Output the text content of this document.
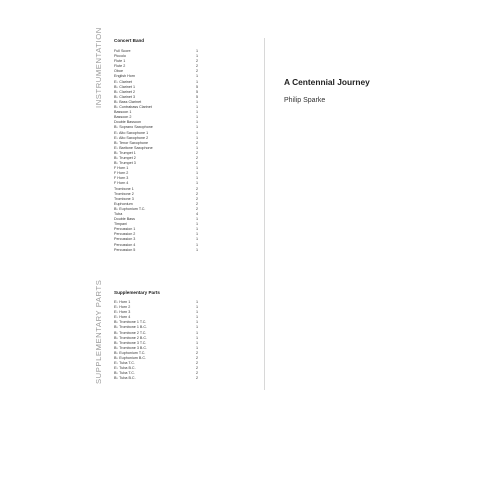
INSTRUMENTATION Concert Band
Full Score	1
Piccolo	1
Flute 1	2
Flute 2	2
Oboe	2
English Horn	1
E♭ Clarinet	1
B♭ Clarinet 1	5
B♭ Clarinet 2	5
B♭ Clarinet 3	5
B♭ Bass Clarinet	1
B♭ Contrabass Clarinet	1
Bassoon 1	1
Bassoon 2	1
Double Bassoon	1
B♭ Soprano Saxophone	1
E♭ Alto Saxophone 1	1
E♭ Alto Saxophone 2	1
B♭ Tenor Saxophone	2
E♭ Baritone Saxophone	1
B♭ Trumpet 1	2
B♭ Trumpet 2	2
B♭ Trumpet 3	2
F Horn 1	1
F Horn 2	1
F Horn 3	1
F Horn 4	1
Trombone 1	2
Trombone 2	2
Trombone 3	2
Euphonium	2
B♭ Euphonium T.C.	2
Tuba	4
Double Bass	1
Timpani	1
Percussion 1	1
Percussion 2	1
Percussion 3	1
Percussion 4	1
Percussion 5	1
SUPPLEMENTARY PARTS Supplementary Parts
E♭ Horn 1	1
E♭ Horn 2	1
E♭ Horn 3	1
E♭ Horn 4	1
B♭ Trombone 1 T.C.	1
B♭ Trombone 1 B.C.	1
B♭ Trombone 2 T.C.	1
B♭ Trombone 2 B.C.	1
B♭ Trombone 3 T.C.	1
B♭ Trombone 3 B.C.	1
B♭ Euphonium T.C.	2
B♭ Euphonium B.C.	2
E♭ Tuba T.C.	2
E♭ Tuba B.C.	2
B♭ Tuba T.C.	2
B♭ Tuba B.C.	2
A Centennial Journey
Philip Sparke
